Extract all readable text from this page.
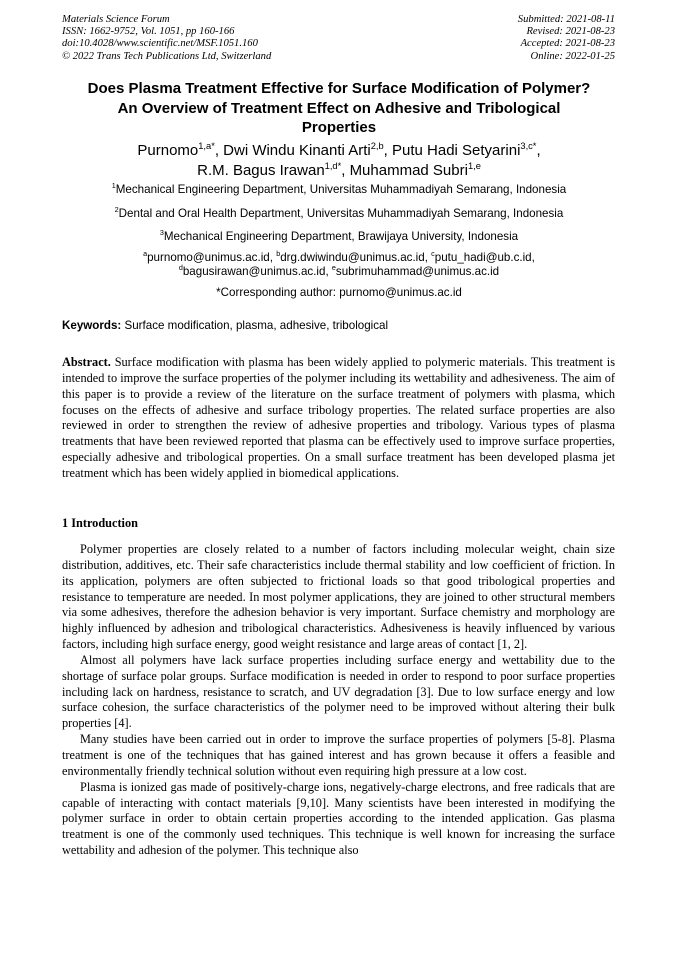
Materials Science Forum
ISSN: 1662-9752, Vol. 1051, pp 160-166
doi:10.4028/www.scientific.net/MSF.1051.160
© 2022 Trans Tech Publications Ltd, Switzerland
Submitted: 2021-08-11
Revised: 2021-08-23
Accepted: 2021-08-23
Online: 2022-01-25
Does Plasma Treatment Effective for Surface Modification of Polymer?
An Overview of Treatment Effect on Adhesive and Tribological
Properties
Purnomo$^{1,a*}$, Dwi Windu Kinanti Arti$^{2,b}$, Putu Hadi Setyarini$^{3,c*}$,
R.M. Bagus Irawan$^{1,d*}$, Muhammad Subri$^{1,e}$
$^1$Mechanical Engineering Department, Universitas Muhammadiyah Semarang, Indonesia
$^2$Dental and Oral Health Department, Universitas Muhammadiyah Semarang, Indonesia
$^3$Mechanical Engineering Department, Brawijaya University, Indonesia
$^a$purnomo@unimus.ac.id, $^b$drg.dwiwindu@unimus.ac.id, $^c$putu_hadi@ub.c.id,
$^d$bagusirawan@unimus.ac.id, $^e$subrimuhammad@unimus.ac.id
*Corresponding author: purnomo@unimus.ac.id
Keywords: Surface modification, plasma, adhesive, tribological

Abstract. Surface modification with plasma has been widely applied to polymeric materials. This treatment is intended to improve the surface properties of the polymer including its wettability and adhesiveness. The aim of this paper is to provide a review of the literature on the surface treatment of polymers with plasma, which focuses on the effects of adhesive and surface tribology properties. The related surface properties are also reviewed in order to strengthen the review of adhesive properties and tribology. Various types of plasma treatments that have been reviewed reported that plasma can be effectively used to improve surface properties, especially adhesive and tribological properties. On a small surface treatment has been developed plasma jet treatment which has been widely applied in biomedical applications.

1 Introduction

Polymer properties are closely related to a number of factors including molecular weight, chain size distribution, additives, etc. Their safe characteristics include thermal stability and low coefficient of friction. In its application, polymers are often subjected to frictional loads so that good tribological properties and resistance to temperature are needed. In most polymer applications, they are joined to other structural members via some adhesives, therefore the adhesion behavior is very important. Surface chemistry and morphology are highly influenced by adhesion and tribological characteristics. Adhesiveness is heavily influenced by various factors, including high surface energy, good weight resistance and large areas of contact [1, 2].

Almost all polymers have lack surface properties including surface energy and wettability due to the shortage of surface polar groups. Surface modification is needed in order to respond to poor surface properties including lack on hardness, resistance to scratch, and UV degradation [3]. Due to low surface energy and low surface cohesion, the surface characteristics of the polymer need to be improved without altering their bulk properties [4].

Many studies have been carried out in order to improve the surface properties of polymers [5-8]. Plasma treatment is one of the techniques that has gained interest and has grown because it offers a feasible and environmentally friendly technical solution without even requiring high pressure at a low cost.

Plasma is ionized gas made of positively-charge ions, negatively-charge electrons, and free radicals that are capable of interacting with contact materials [9,10]. Many scientists have been interested in modifying the polymer surface in order to obtain certain properties according to the intended application. Gas plasma treatment is one of the commonly used techniques. This technique is well known for increasing the surface wettability and adhesion of the polymer. This technique also
